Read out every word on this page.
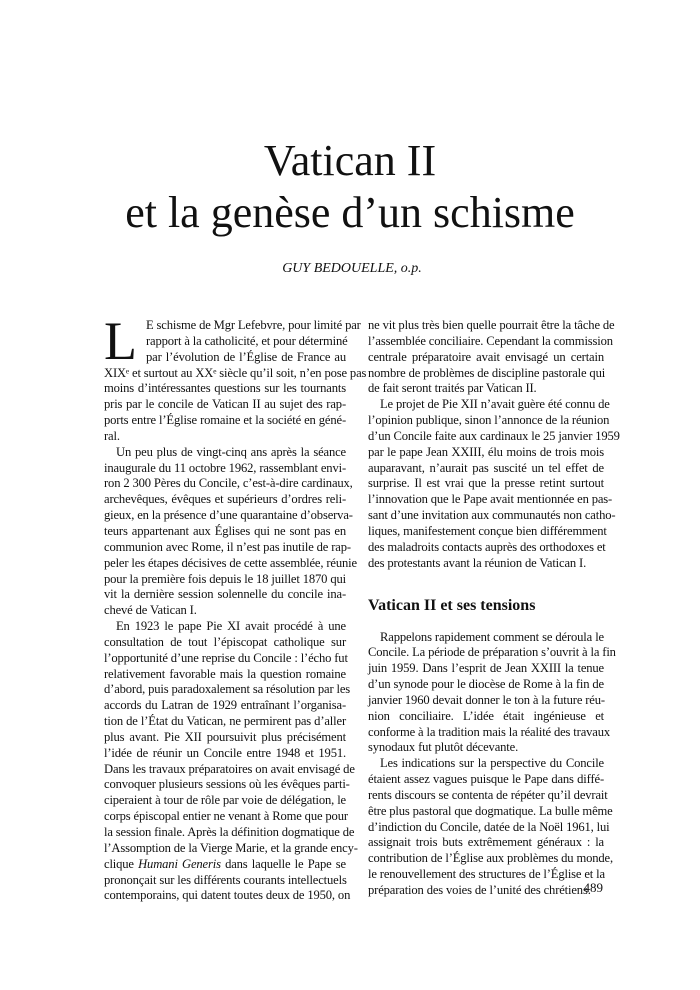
Vatican II
et la genèse d’un schisme
GUY BEDOUELLE, o.p.
L E schisme de Mgr Lefebvre, pour limité par
rapport à la catholicité, et pour déterminé
par l’évolution de l’Église de France au
XIXᵉ et surtout au XXᵉ siècle qu’il soit, n’en pose pas
moins d’intéressantes questions sur les tournants
pris par le concile de Vatican II au sujet des rap-
ports entre l’Église romaine et la société en géné-
ral.
Un peu plus de vingt-cinq ans après la séance
inaugurale du 11 octobre 1962, rassemblant envi-
ron 2 300 Pères du Concile, c’est-à-dire cardinaux,
archevêques, évêques et supérieurs d’ordres reli-
gieux, en la présence d’une quarantaine d’observa-
teurs appartenant aux Églises qui ne sont pas en
communion avec Rome, il n’est pas inutile de rap-
peler les étapes décisives de cette assemblée, réunie
pour la première fois depuis le 18 juillet 1870 qui
vit la dernière session solennelle du concile ina-
chevé de Vatican I.
En 1923 le pape Pie XI avait procédé à une
consultation de tout l’épiscopat catholique sur
l’opportunité d’une reprise du Concile : l’écho fut
relativement favorable mais la question romaine
d’abord, puis paradoxalement sa résolution par les
accords du Latran de 1929 entraînant l’organisa-
tion de l’État du Vatican, ne permirent pas d’aller
plus avant. Pie XII poursuivit plus précisément
l’idée de réunir un Concile entre 1948 et 1951.
Dans les travaux préparatoires on avait envisagé de
convoquer plusieurs sessions où les évêques parti-
ciperaient à tour de rôle par voie de délégation, le
corps épiscopal entier ne venant à Rome que pour
la session finale. Après la définition dogmatique de
l’Assomption de la Vierge Marie, et la grande ency-
clique Humani Generis dans laquelle le Pape se
prononçait sur les différents courants intellectuels
contemporains, qui datent toutes deux de 1950, on
ne vit plus très bien quelle pourrait être la tâche de
l’assemblée conciliaire. Cependant la commission
centrale préparatoire avait envisagé un certain
nombre de problèmes de discipline pastorale qui
de fait seront traités par Vatican II.
Le projet de Pie XII n’avait guère été connu de
l’opinion publique, sinon l’annonce de la réunion
d’un Concile faite aux cardinaux le 25 janvier 1959
par le pape Jean XXIII, élu moins de trois mois
auparavant, n’aurait pas suscité un tel effet de
surprise. Il est vrai que la presse retint surtout
l’innovation que le Pape avait mentionnée en pas-
sant d’une invitation aux communautés non catho-
liques, manifestement conçue bien différemment
des maladroits contacts auprès des orthodoxes et
des protestants avant la réunion de Vatican I.
Vatican II et ses tensions
Rappelons rapidement comment se déroula le
Concile. La période de préparation s’ouvrit à la fin
juin 1959. Dans l’esprit de Jean XXIII la tenue
d’un synode pour le diocèse de Rome à la fin de
janvier 1960 devait donner le ton à la future réu-
nion conciliaire. L’idée était ingénieuse et
conforme à la tradition mais la réalité des travaux
synodaux fut plutôt décevante.
Les indications sur la perspective du Concile
étaient assez vagues puisque le Pape dans diffé-
rents discours se contenta de répéter qu’il devrait
être plus pastoral que dogmatique. La bulle même
d’indiction du Concile, datée de la Noël 1961, lui
assignait trois buts extrêmement généraux : la
contribution de l’Église aux problèmes du monde,
le renouvellement des structures de l’Église et la
préparation des voies de l’unité des chrétiens.
489
